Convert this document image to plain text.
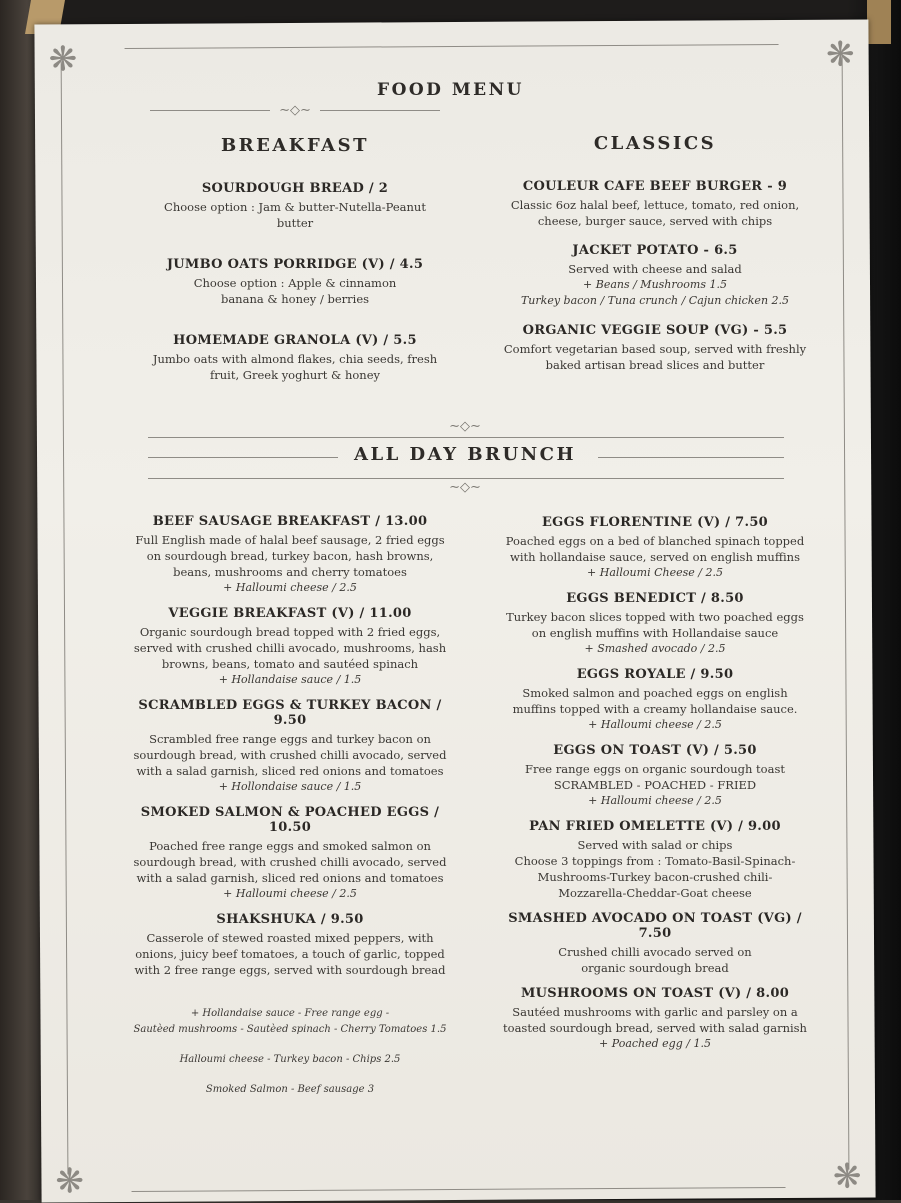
❋	❋
❋	❋
FOOD MENU
∼◇∼
BREAKFAST
SOURDOUGH BREAD / 2
Choose option : Jam & butter-Nutella-Peanut
butter
JUMBO OATS PORRIDGE (V) / 4.5
Choose option : Apple & cinnamon
banana & honey / berries
HOMEMADE GRANOLA (V) / 5.5
Jumbo oats with almond flakes, chia seeds, fresh
fruit, Greek yoghurt & honey
CLASSICS
COULEUR CAFE BEEF BURGER - 9
Classic 6oz halal beef, lettuce, tomato, red onion,
cheese, burger sauce, served with chips
JACKET POTATO - 6.5
Served with cheese and salad
+ Beans / Mushrooms 1.5
Turkey bacon / Tuna crunch / Cajun chicken 2.5
ORGANIC VEGGIE SOUP (VG) - 5.5
Comfort vegetarian based soup, served with freshly
baked artisan bread slices and butter
∼◇∼
ALL DAY BRUNCH
∼◇∼
BEEF SAUSAGE BREAKFAST / 13.00
Full English made of halal beef sausage, 2 fried eggs
on sourdough bread, turkey bacon, hash browns,
beans, mushrooms and cherry tomatoes
+ Halloumi cheese / 2.5
VEGGIE BREAKFAST (V) / 11.00
Organic sourdough bread topped with 2 fried eggs,
served with crushed chilli avocado, mushrooms, hash
browns, beans, tomato and sautéed spinach
+ Hollandaise sauce / 1.5
SCRAMBLED EGGS & TURKEY BACON / 9.50
Scrambled free range eggs and turkey bacon on
sourdough bread, with crushed chilli avocado, served
with a salad garnish, sliced red onions and tomatoes
+ Hollondaise sauce / 1.5
SMOKED SALMON & POACHED EGGS / 10.50
Poached free range eggs and smoked salmon on
sourdough bread, with crushed chilli avocado, served
with a salad garnish, sliced red onions and tomatoes
+ Halloumi cheese / 2.5
SHAKSHUKA / 9.50
Casserole of stewed roasted mixed peppers, with
onions, juicy beef tomatoes, a touch of garlic, topped
with 2 free range eggs, served with sourdough bread
+ Hollandaise sauce - Free range egg -
Sautèed mushrooms - Sautèed spinach - Cherry Tomatoes 1.5
Halloumi cheese - Turkey bacon - Chips 2.5
Smoked Salmon - Beef sausage 3
EGGS FLORENTINE (V) / 7.50
Poached eggs on a bed of blanched spinach topped
with hollandaise sauce, served on english muffins
+ Halloumi Cheese / 2.5
EGGS BENEDICT / 8.50
Turkey bacon slices topped with two poached eggs
on english muffins with Hollandaise sauce
+ Smashed avocado / 2.5
EGGS ROYALE / 9.50
Smoked salmon and poached eggs on english
muffins topped with a creamy hollandaise sauce.
+ Halloumi cheese / 2.5
EGGS ON TOAST (V) / 5.50
Free range eggs on organic sourdough toast
SCRAMBLED - POACHED - FRIED
+ Halloumi cheese / 2.5
PAN FRIED OMELETTE (V) / 9.00
Served with salad or chips
Choose 3 toppings from : Tomato-Basil-Spinach-
Mushrooms-Turkey bacon-crushed chili-
Mozzarella-Cheddar-Goat cheese
SMASHED AVOCADO ON TOAST (VG) / 7.50
Crushed chilli avocado served on
organic sourdough bread
MUSHROOMS ON TOAST (V) / 8.00
Sautéed mushrooms with garlic and parsley on a
toasted sourdough bread, served with salad garnish
+ Poached egg / 1.5
